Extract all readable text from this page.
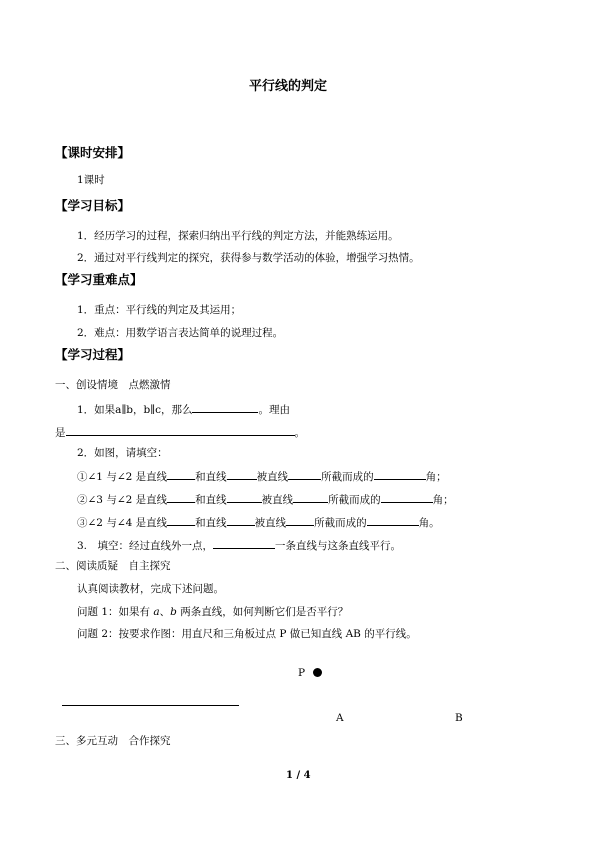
平行线的判定
【课时安排】
1课时
【学习目标】
1．经历学习的过程，探索归纳出平行线的判定方法，并能熟练运用。
2．通过对平行线判定的探究，获得参与数学活动的体验，增强学习热情。
【学习重难点】
1．重点：平行线的判定及其运用；
2．难点：用数学语言表达简单的说理过程。
【学习过程】
一、创设情境　点燃激情
1．如果a∥b，b∥c，那么	。理由
是	。
2．如图，请填空：
①∠1 与∠2 是直线	和直线	被直线	所截而成的	角；
②∠3 与∠2 是直线	和直线	被直线	所截而成的	角；
③∠2 与∠4 是直线	和直线	被直线	所截而成的	角。
3.　填空：经过直线外一点，	一条直线与这条直线平行。
二、阅读质疑　自主探究
认真阅读教材，完成下述问题。
问题 1：如果有 a、b 两条直线，如何判断它们是否平行？
问题 2：按要求作图：用直尺和三角板过点 P 做已知直线 AB 的平行线。
P
A	B
三、多元互动　合作探究
1 / 4
